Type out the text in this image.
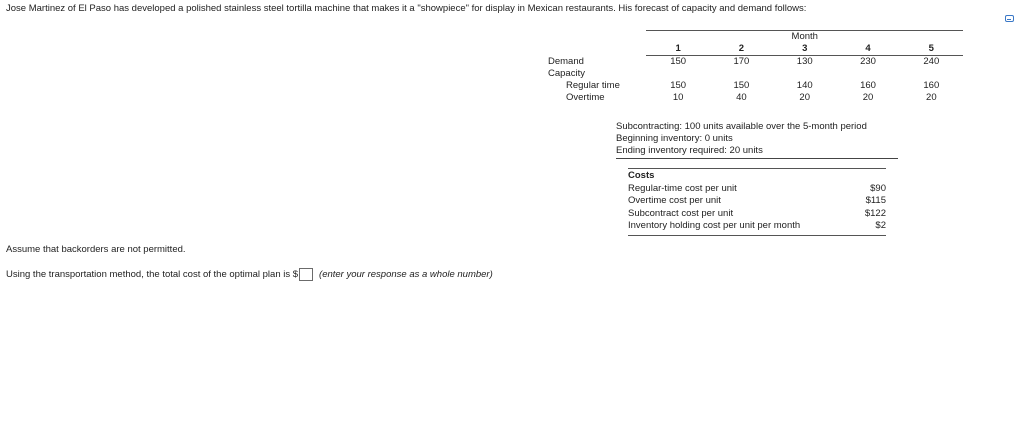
Jose Martinez of El Paso has developed a polished stainless steel tortilla machine that makes it a "showpiece" for display in Mexican restaurants. His forecast of capacity and demand follows:
	Month				
	1	2	3	4	5
Demand	150	170	130	230	240
Capacity					
Regular time	150	150	140	160	160
Overtime	10	40	20	20	20
Subcontracting: 100 units available over the 5-month period
Beginning inventory: 0 units
Ending inventory required: 20 units
Costs
Regular-time cost per unit	$90
Overtime cost per unit	$115
Subcontract cost per unit	$122
Inventory holding cost per unit per month	$2
Assume that backorders are not permitted.
Using the transportation method, the total cost of the optimal plan is $ (enter your response as a whole number)
